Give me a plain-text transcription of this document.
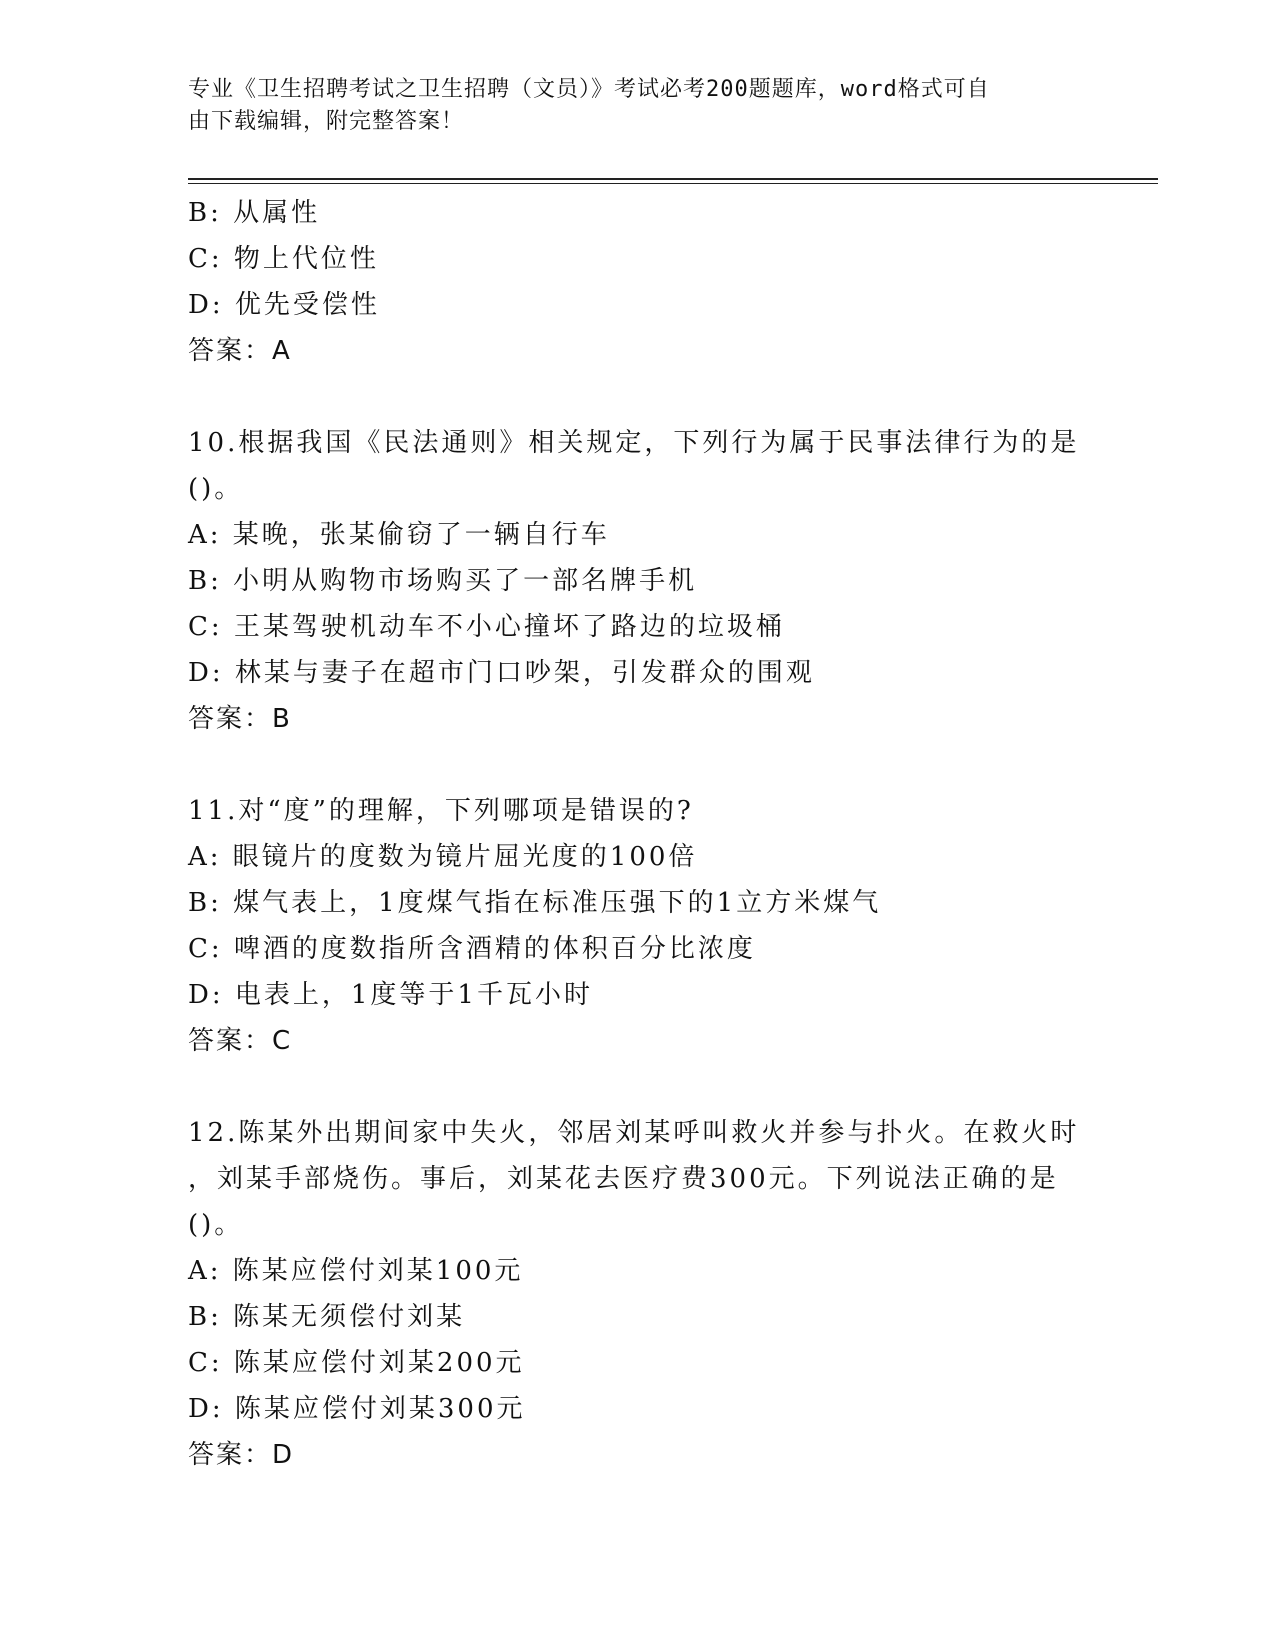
专业《卫生招聘考试之卫生招聘（文员）》考试必考200题题库，word格式可自
由下载编辑，附完整答案！
B: 从属性
C: 物上代位性
D: 优先受偿性
答案：A
10.根据我国《民法通则》相关规定，下列行为属于民事法律行为的是
()。
A: 某晚，张某偷窃了一辆自行车
B: 小明从购物市场购买了一部名牌手机
C: 王某驾驶机动车不小心撞坏了路边的垃圾桶
D: 林某与妻子在超市门口吵架，引发群众的围观
答案：B
11.对“度”的理解，下列哪项是错误的?
A: 眼镜片的度数为镜片屈光度的100倍
B: 煤气表上，1度煤气指在标准压强下的1立方米煤气
C: 啤酒的度数指所含酒精的体积百分比浓度
D: 电表上，1度等于1千瓦小时
答案：C
12.陈某外出期间家中失火，邻居刘某呼叫救火并参与扑火。在救火时
，刘某手部烧伤。事后，刘某花去医疗费300元。下列说法正确的是
()。
A: 陈某应偿付刘某100元
B: 陈某无须偿付刘某
C: 陈某应偿付刘某200元
D: 陈某应偿付刘某300元
答案：D
